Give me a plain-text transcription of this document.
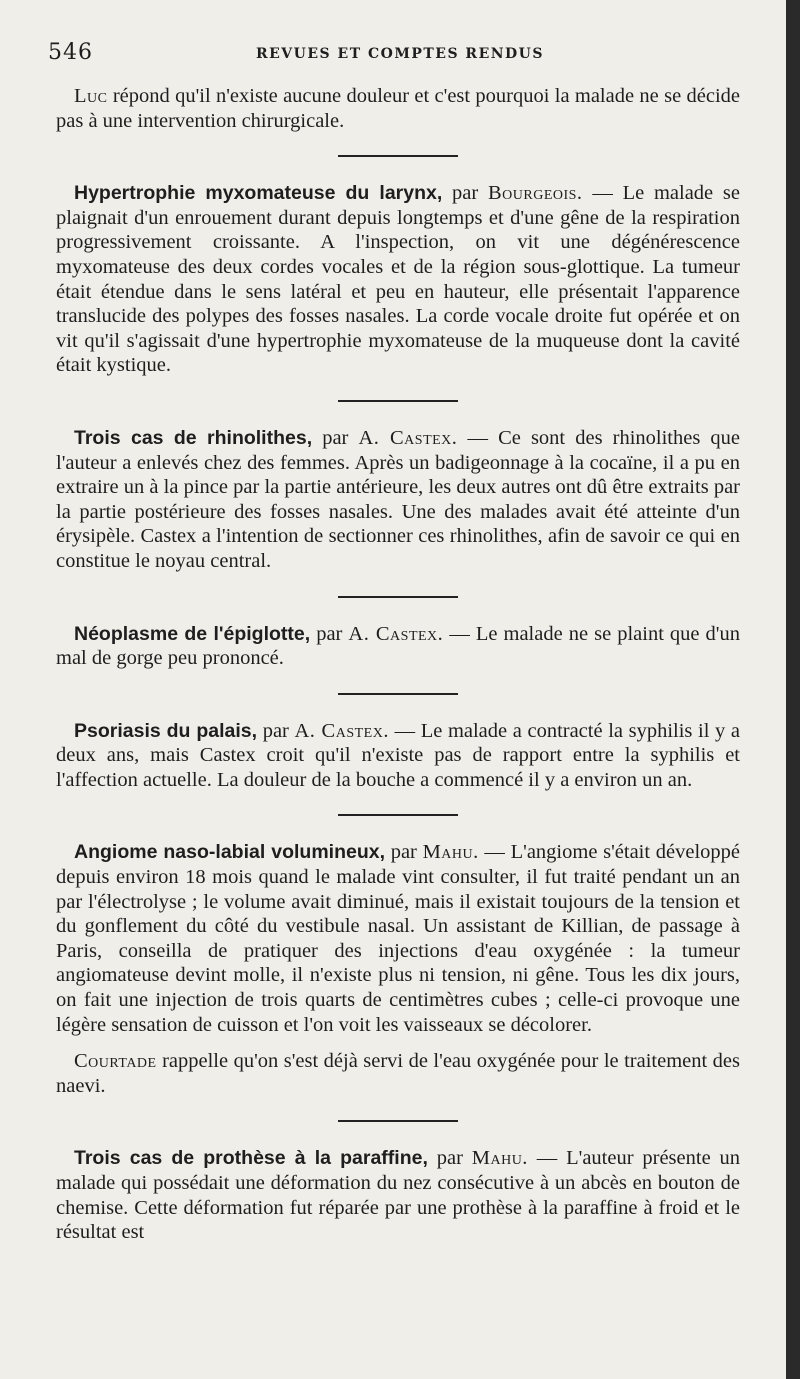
546	REVUES ET COMPTES RENDUS

Luc répond qu'il n'existe aucune douleur et c'est pourquoi la malade ne se décide pas à une intervention chirurgicale.

Hypertrophie myxomateuse du larynx, par Bourgeois. — Le malade se plaignait d'un enrouement durant depuis longtemps et d'une gêne de la respiration progressivement croissante. A l'inspection, on vit une dégénérescence myxomateuse des deux cordes vocales et de la région sous-glottique. La tumeur était étendue dans le sens latéral et peu en hauteur, elle présentait l'apparence translucide des polypes des fosses nasales. La corde vocale droite fut opérée et on vit qu'il s'agissait d'une hypertrophie myxomateuse de la muqueuse dont la cavité était kystique.

Trois cas de rhinolithes, par A. Castex. — Ce sont des rhinolithes que l'auteur a enlevés chez des femmes. Après un badigeonnage à la cocaïne, il a pu en extraire un à la pince par la partie antérieure, les deux autres ont dû être extraits par la partie postérieure des fosses nasales. Une des malades avait été atteinte d'un érysipèle. Castex a l'intention de sectionner ces rhinolithes, afin de savoir ce qui en constitue le noyau central.

Néoplasme de l'épiglotte, par A. Castex. — Le malade ne se plaint que d'un mal de gorge peu prononcé.

Psoriasis du palais, par A. Castex. — Le malade a contracté la syphilis il y a deux ans, mais Castex croit qu'il n'existe pas de rapport entre la syphilis et l'affection actuelle. La douleur de la bouche a commencé il y a environ un an.

Angiome naso-labial volumineux, par Mahu. — L'angiome s'était développé depuis environ 18 mois quand le malade vint consulter, il fut traité pendant un an par l'électrolyse ; le volume avait diminué, mais il existait toujours de la tension et du gonflement du côté du vestibule nasal. Un assistant de Killian, de passage à Paris, conseilla de pratiquer des injections d'eau oxygénée : la tumeur angiomateuse devint molle, il n'existe plus ni tension, ni gêne. Tous les dix jours, on fait une injection de trois quarts de centimètres cubes ; celle-ci provoque une légère sensation de cuisson et l'on voit les vaisseaux se décolorer.

Courtade rappelle qu'on s'est déjà servi de l'eau oxygénée pour le traitement des naevi.

Trois cas de prothèse à la paraffine, par Mahu. — L'auteur présente un malade qui possédait une déformation du nez consécutive à un abcès en bouton de chemise. Cette déformation fut réparée par une prothèse à la paraffine à froid et le résultat est
